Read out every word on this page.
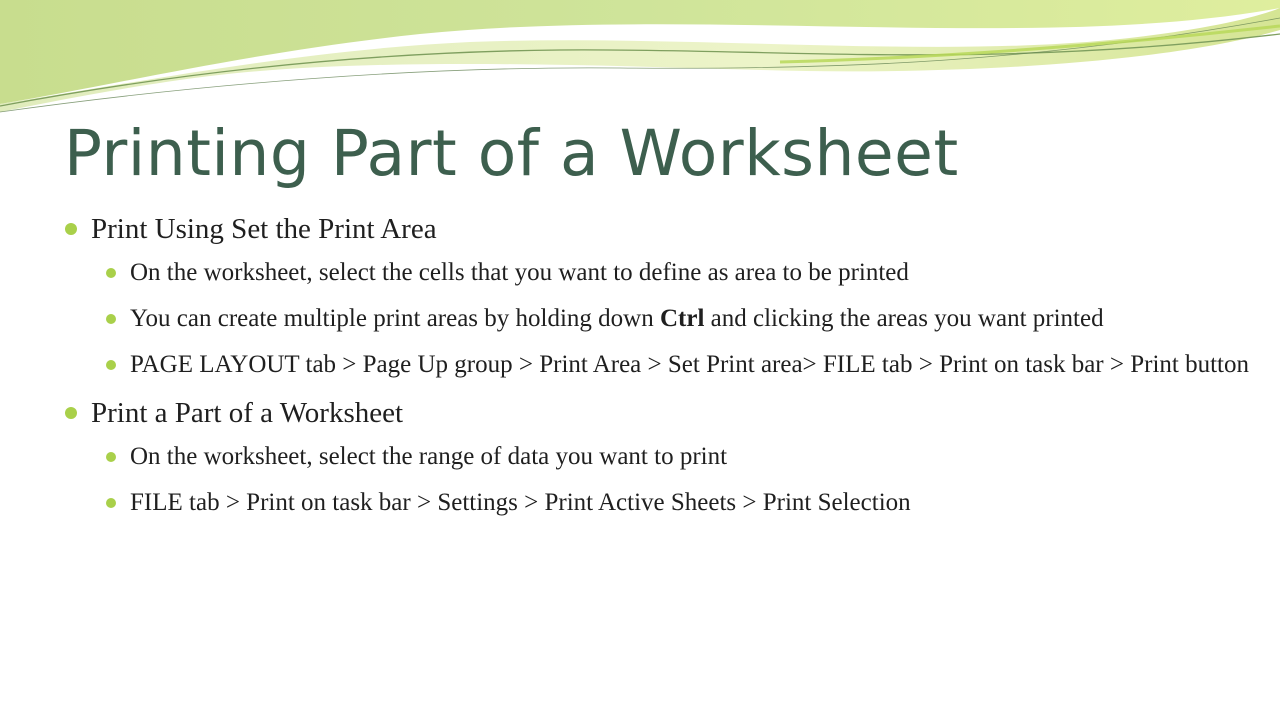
Printing Part of a Worksheet
Print Using Set the Print Area
On the worksheet, select the cells that you want to define as area to be printed
You can create multiple print areas by holding down Ctrl and clicking the areas you want printed
PAGE LAYOUT tab > Page Up group > Print Area > Set Print area> FILE tab > Print on task bar > Print button
Print a Part of a Worksheet
On the worksheet, select the range of data you want to print
FILE tab > Print on task bar > Settings > Print Active Sheets > Print Selection
